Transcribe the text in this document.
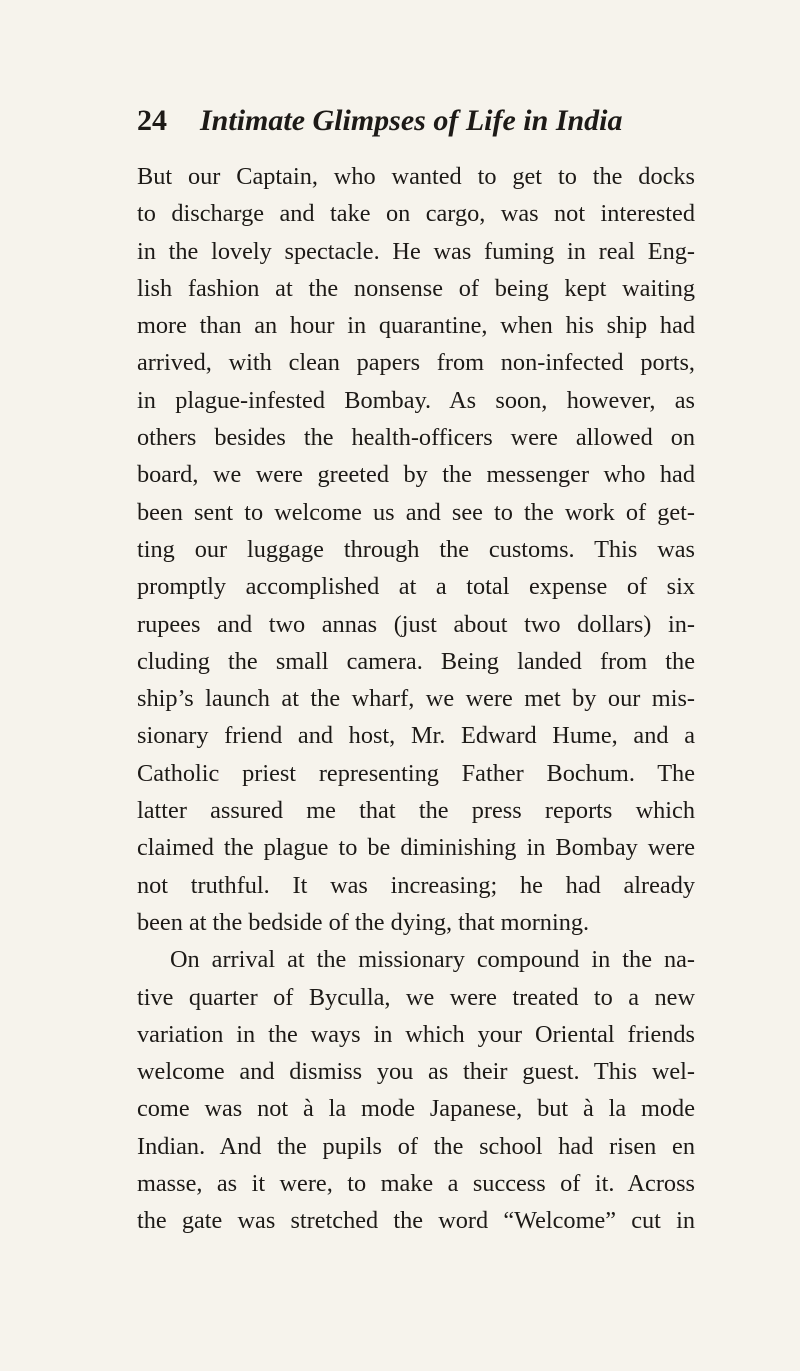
24 Intimate Glimpses of Life in India
But our Captain, who wanted to get to the docks
to discharge and take on cargo, was not interested
in the lovely spectacle. He was fuming in real Eng-
lish fashion at the nonsense of being kept waiting
more than an hour in quarantine, when his ship had
arrived, with clean papers from non-infected ports,
in plague-infested Bombay. As soon, however, as
others besides the health-officers were allowed on
board, we were greeted by the messenger who had
been sent to welcome us and see to the work of get-
ting our luggage through the customs. This was
promptly accomplished at a total expense of six
rupees and two annas (just about two dollars) in-
cluding the small camera. Being landed from the
ship’s launch at the wharf, we were met by our mis-
sionary friend and host, Mr. Edward Hume, and a
Catholic priest representing Father Bochum. The
latter assured me that the press reports which
claimed the plague to be diminishing in Bombay were
not truthful. It was increasing; he had already
been at the bedside of the dying, that morning.
On arrival at the missionary compound in the na-
tive quarter of Byculla, we were treated to a new
variation in the ways in which your Oriental friends
welcome and dismiss you as their guest. This wel-
come was not à la mode Japanese, but à la mode
Indian. And the pupils of the school had risen en
masse, as it were, to make a success of it. Across
the gate was stretched the word “Welcome” cut in
